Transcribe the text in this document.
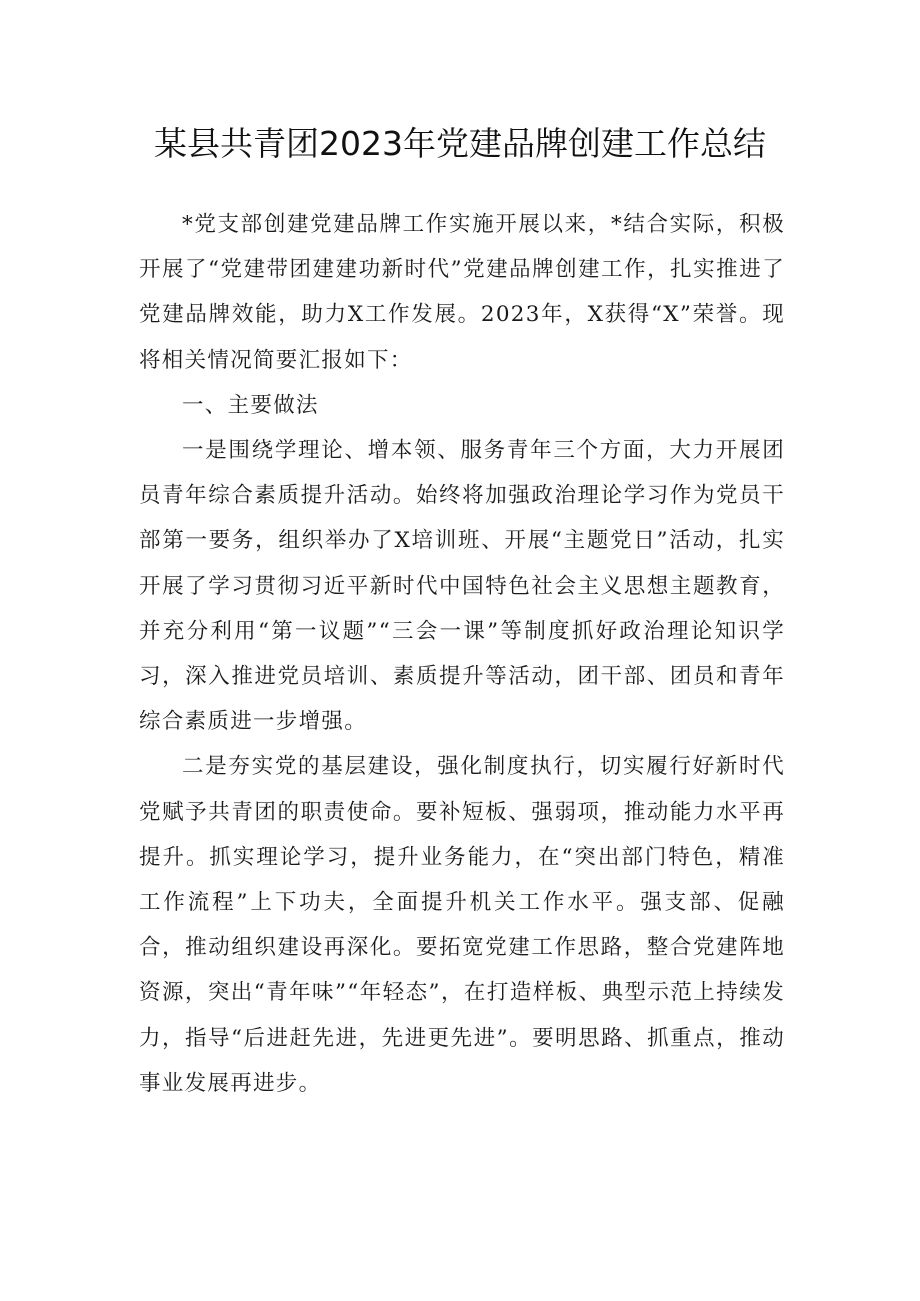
某县共青团2023年党建品牌创建工作总结

*党支部创建党建品牌工作实施开展以来，*结合实际，积极开展了“党建带团建建功新时代”党建品牌创建工作，扎实推进了党建品牌效能，助力X工作发展。2023年，X获得“X”荣誉。现将相关情况简要汇报如下：

一、主要做法

一是围绕学理论、增本领、服务青年三个方面，大力开展团员青年综合素质提升活动。始终将加强政治理论学习作为党员干部第一要务，组织举办了X培训班、开展“主题党日”活动，扎实开展了学习贯彻习近平新时代中国特色社会主义思想主题教育，并充分利用“第一议题”“三会一课”等制度抓好政治理论知识学习，深入推进党员培训、素质提升等活动，团干部、团员和青年综合素质进一步增强。

二是夯实党的基层建设，强化制度执行，切实履行好新时代党赋予共青团的职责使命。要补短板、强弱项，推动能力水平再提升。抓实理论学习，提升业务能力，在“突出部门特色，精准工作流程”上下功夫，全面提升机关工作水平。强支部、促融合，推动组织建设再深化。要拓宽党建工作思路，整合党建阵地资源，突出“青年味”“年轻态”，在打造样板、典型示范上持续发力，指导“后进赶先进，先进更先进”。要明思路、抓重点，推动事业发展再进步。
